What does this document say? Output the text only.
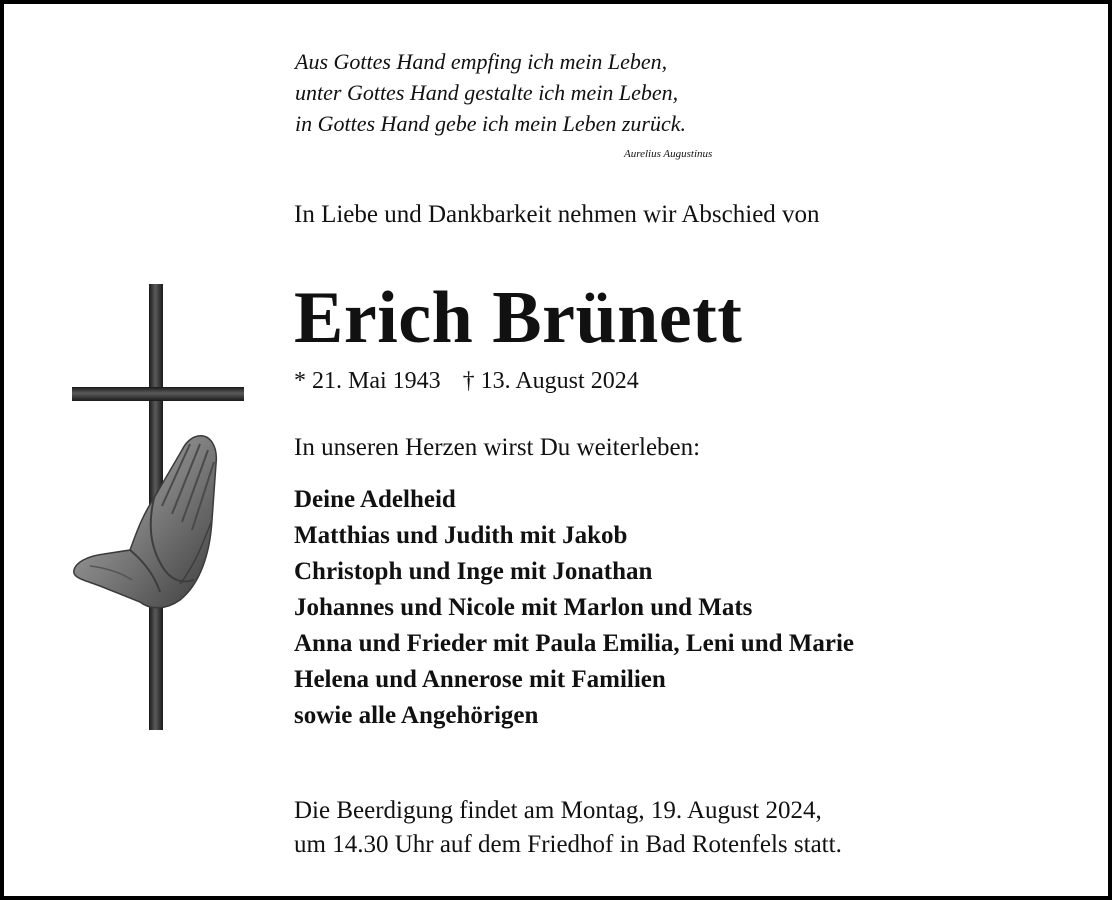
Aus Gottes Hand empfing ich mein Leben,
unter Gottes Hand gestalte ich mein Leben,
in Gottes Hand gebe ich mein Leben zurück.
Aurelius Augustinus
In Liebe und Dankbarkeit nehmen wir Abschied von
Erich Brünett
* 21. Mai 1943 † 13. August 2024
In unseren Herzen wirst Du weiterleben:
Deine Adelheid
Matthias und Judith mit Jakob
Christoph und Inge mit Jonathan
Johannes und Nicole mit Marlon und Mats
Anna und Frieder mit Paula Emilia, Leni und Marie
Helena und Annerose mit Familien
sowie alle Angehörigen
Die Beerdigung findet am Montag, 19. August 2024,
um 14.30 Uhr auf dem Friedhof in Bad Rotenfels statt.
